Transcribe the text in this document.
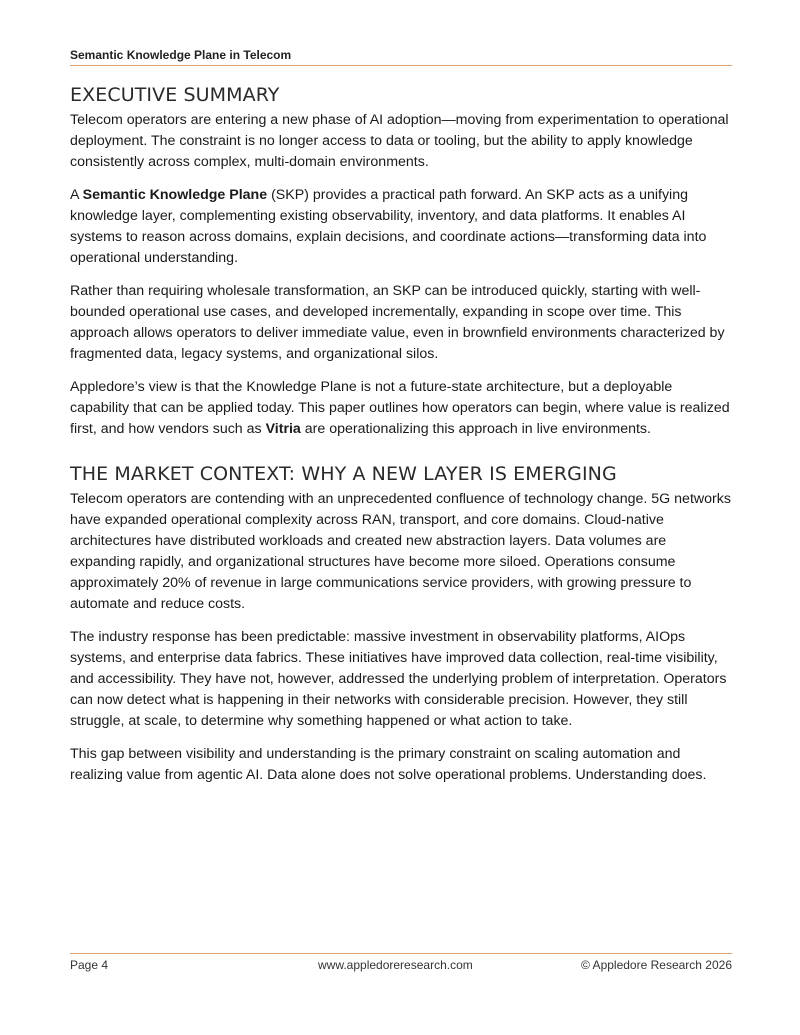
Semantic Knowledge Plane in Telecom
EXECUTIVE SUMMARY

Telecom operators are entering a new phase of AI adoption—moving from experimentation to operational deployment. The constraint is no longer access to data or tooling, but the ability to apply knowledge consistently across complex, multi-domain environments.

A Semantic Knowledge Plane (SKP) provides a practical path forward. An SKP acts as a unifying knowledge layer, complementing existing observability, inventory, and data platforms. It enables AI systems to reason across domains, explain decisions, and coordinate actions—transforming data into operational understanding.

Rather than requiring wholesale transformation, an SKP can be introduced quickly, starting with well-bounded operational use cases, and developed incrementally, expanding in scope over time. This approach allows operators to deliver immediate value, even in brownfield environments characterized by fragmented data, legacy systems, and organizational silos.

Appledore’s view is that the Knowledge Plane is not a future-state architecture, but a deployable capability that can be applied today. This paper outlines how operators can begin, where value is realized first, and how vendors such as Vitria are operationalizing this approach in live environments.

THE MARKET CONTEXT: WHY A NEW LAYER IS EMERGING

Telecom operators are contending with an unprecedented confluence of technology change. 5G networks have expanded operational complexity across RAN, transport, and core domains. Cloud-native architectures have distributed workloads and created new abstraction layers. Data volumes are expanding rapidly, and organizational structures have become more siloed. Operations consume approximately 20% of revenue in large communications service providers, with growing pressure to automate and reduce costs.

The industry response has been predictable: massive investment in observability platforms, AIOps systems, and enterprise data fabrics. These initiatives have improved data collection, real-time visibility, and accessibility. They have not, however, addressed the underlying problem of interpretation. Operators can now detect what is happening in their networks with considerable precision. However, they still struggle, at scale, to determine why something happened or what action to take.

This gap between visibility and understanding is the primary constraint on scaling automation and realizing value from agentic AI. Data alone does not solve operational problems. Understanding does.

Page 4	www.appledoreresearch.com	© Appledore Research 2026
